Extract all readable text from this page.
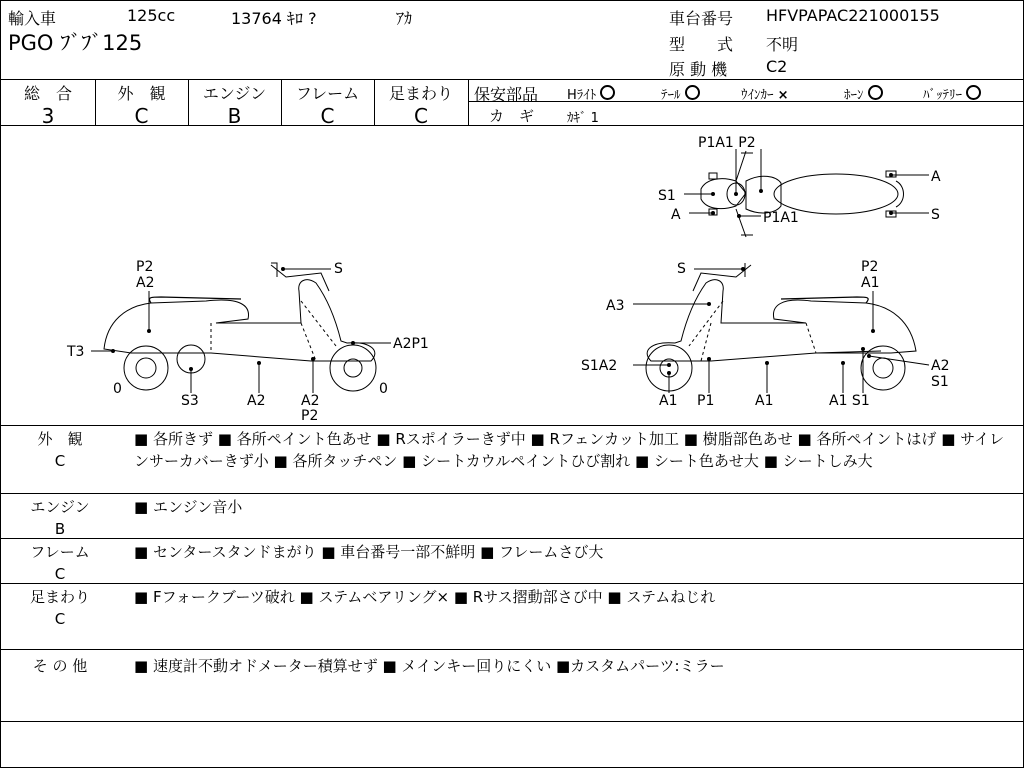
輸入車	125cc	13764 ｷﾛ ?	ｱｶ
PGO ﾌﾞﾌﾞ125
車台番号 HFVPAPAC221000155
型　　式 不明
原 動 機 C2
総　合
3
外　観
C
エンジン
B
フレーム
C
足まわり
C
保安部品 Hﾗｲﾄ	ﾃｰﾙ	ｳｲﾝｶｰ ×	ﾎｰﾝ	ﾊﾞｯﾃﾘｰ
カ　ギ	ｶｷﾞ 1
P2
A2
S
T3	A2P1
0	0
S3	A2	A2
P2
S	P2
A1
A3
S1A2	A2
S1
A1 P1	A1	A1 S1
P1A1 P2
A
S1
A	S
P1A1
外　観
C
■ 各所きず ■ 各所ペイント色あせ ■ Rスポイラーきず中 ■ Rフェンカット加工 ■ 樹脂部色あせ ■ 各所ペイントはげ ■ サイレンサーカバーきず小 ■ 各所タッチペン ■ シートカウルペイントひび割れ ■ シート色あせ大 ■ シートしみ大
エンジン
B
■ エンジン音小
フレーム
C
■ センタースタンドまがり ■ 車台番号一部不鮮明 ■ フレームさび大
足まわり
C
■ Fフォークブーツ破れ ■ ステムベアリング× ■ Rサス摺動部さび中 ■ ステムねじれ
そ の 他	■ 速度計不動オドメーター積算せず ■ メインキー回りにくい ■カスタムパーツ:ミラー
